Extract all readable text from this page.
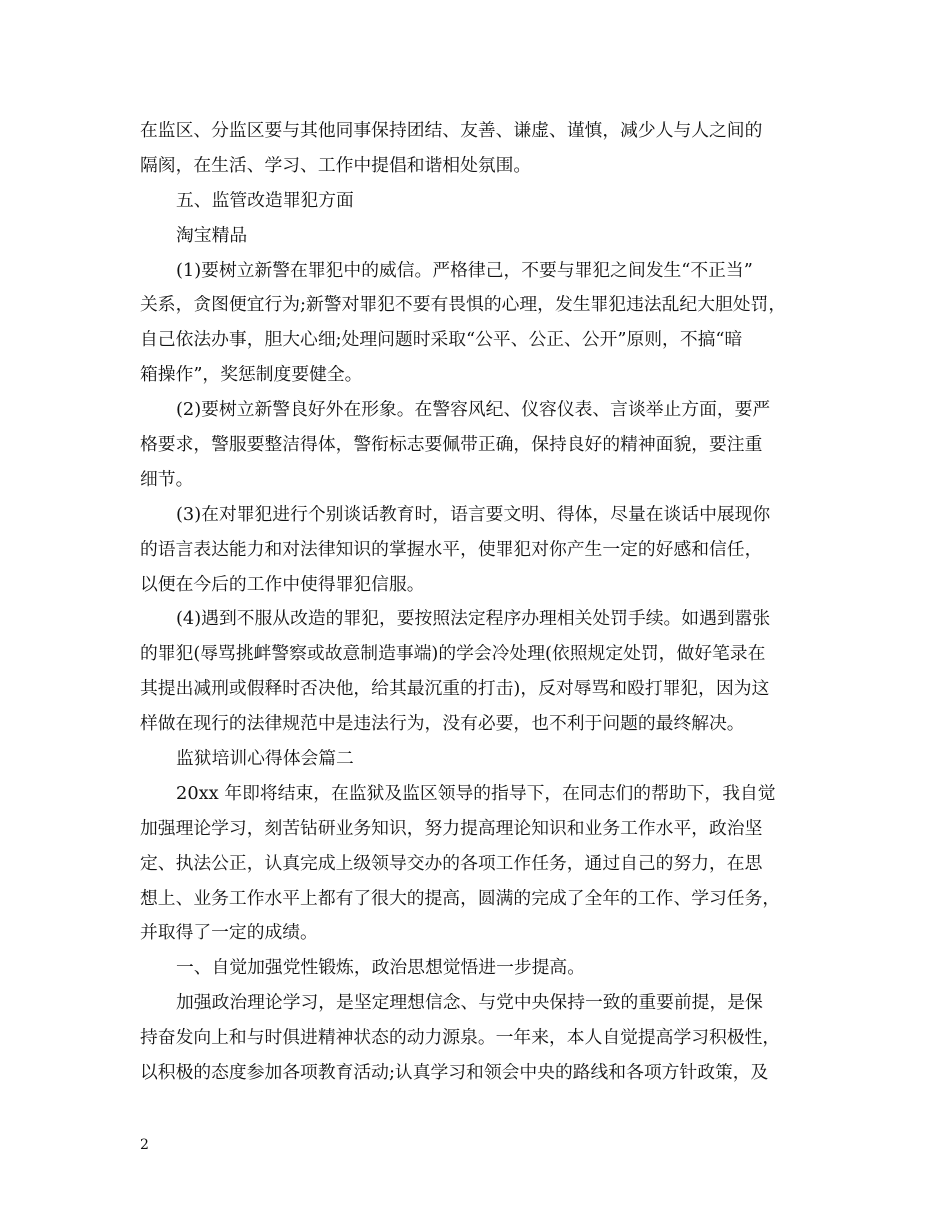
在监区、分监区要与其他同事保持团结、友善、谦虚、谨慎，减少人与人之间的
隔阂，在生活、学习、工作中提倡和谐相处氛围。
五、监管改造罪犯方面
淘宝精品
(1)要树立新警在罪犯中的威信。严格律己，不要与罪犯之间发生“不正当”
关系，贪图便宜行为;新警对罪犯不要有畏惧的心理，发生罪犯违法乱纪大胆处罚，
自己依法办事，胆大心细;处理问题时采取“公平、公正、公开”原则，不搞“暗
箱操作”，奖惩制度要健全。
(2)要树立新警良好外在形象。在警容风纪、仪容仪表、言谈举止方面，要严
格要求，警服要整洁得体，警衔标志要佩带正确，保持良好的精神面貌，要注重
细节。
(3)在对罪犯进行个别谈话教育时，语言要文明、得体，尽量在谈话中展现你
的语言表达能力和对法律知识的掌握水平，使罪犯对你产生一定的好感和信任，
以便在今后的工作中使得罪犯信服。
(4)遇到不服从改造的罪犯，要按照法定程序办理相关处罚手续。如遇到嚣张
的罪犯(辱骂挑衅警察或故意制造事端)的学会冷处理(依照规定处罚，做好笔录在
其提出减刑或假释时否决他，给其最沉重的打击)，反对辱骂和殴打罪犯，因为这
样做在现行的法律规范中是违法行为，没有必要，也不利于问题的最终解决。
监狱培训心得体会篇二
20xx 年即将结束，在监狱及监区领导的指导下，在同志们的帮助下，我自觉
加强理论学习，刻苦钻研业务知识，努力提高理论知识和业务工作水平，政治坚
定、执法公正，认真完成上级领导交办的各项工作任务，通过自己的努力，在思
想上、业务工作水平上都有了很大的提高，圆满的完成了全年的工作、学习任务，
并取得了一定的成绩。
一、自觉加强党性锻炼，政治思想觉悟进一步提高。
加强政治理论学习，是坚定理想信念、与党中央保持一致的重要前提，是保
持奋发向上和与时俱进精神状态的动力源泉。一年来，本人自觉提高学习积极性，
以积极的态度参加各项教育活动;认真学习和领会中央的路线和各项方针政策，及
2
